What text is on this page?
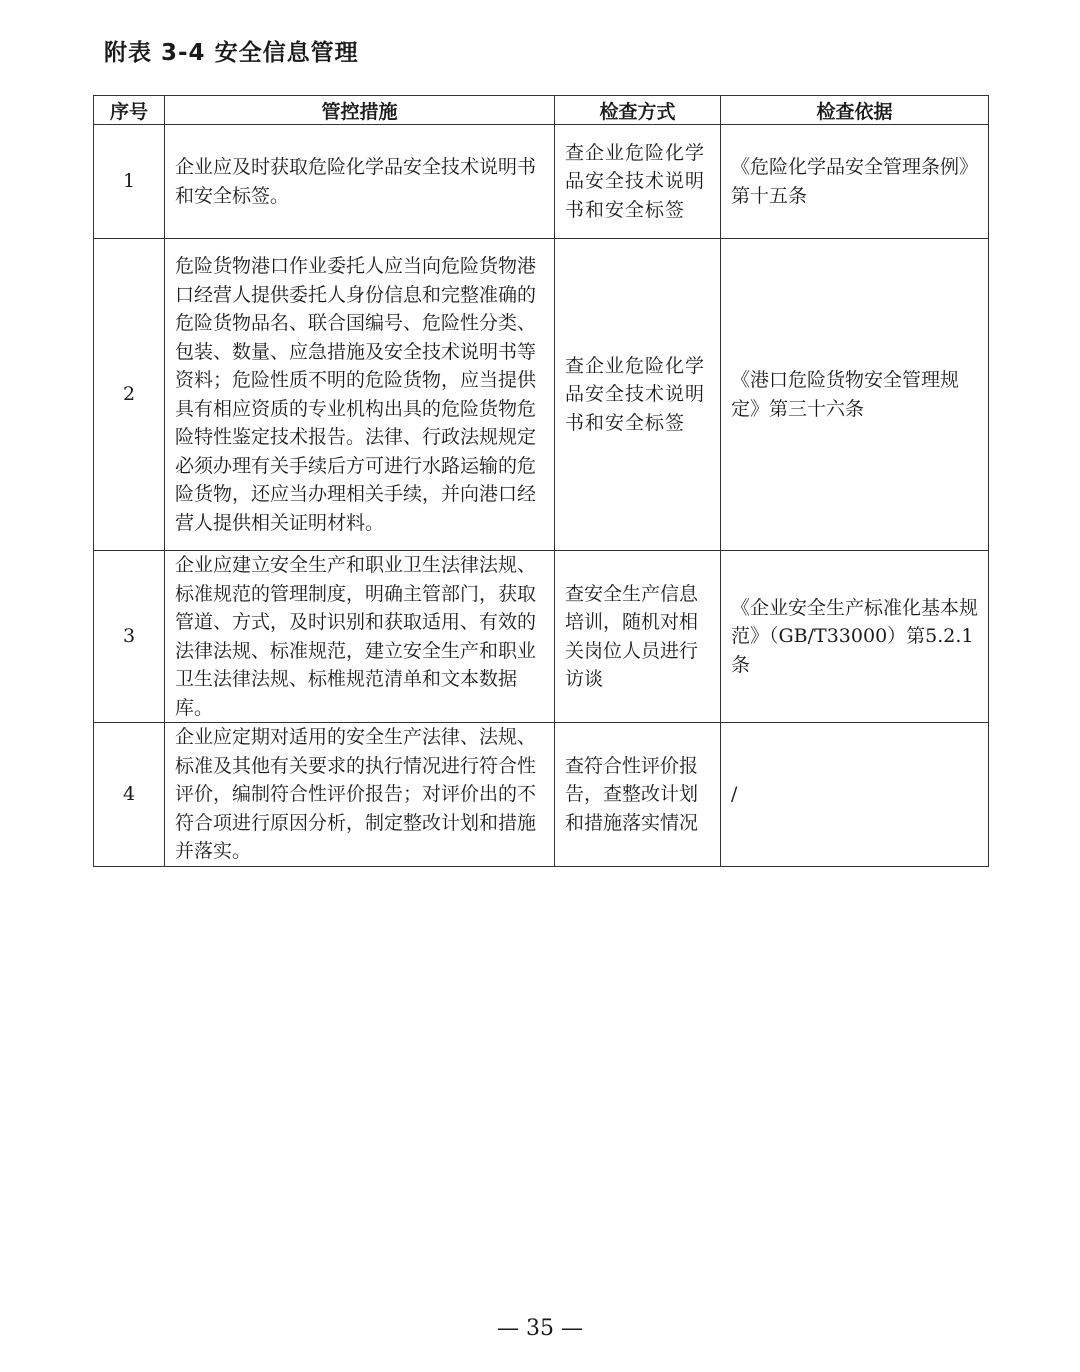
附表 3-4 安全信息管理
序号	管控措施	检查方式	检查依据
1	企业应及时获取危险化学品安全技术说明书和安全标签。	查企业危险化学品安全技术说明书和安全标签	《危险化学品安全管理条例》第十五条
2	危险货物港口作业委托人应当向危险货物港口经营人提供委托人身份信息和完整准确的危险货物品名、联合国编号、危险性分类、包装、数量、应急措施及安全技术说明书等资料；危险性质不明的危险货物，应当提供具有相应资质的专业机构出具的危险货物危险特性鉴定技术报告。法律、行政法规规定必须办理有关手续后方可进行水路运输的危险货物，还应当办理相关手续，并向港口经营人提供相关证明材料。	查企业危险化学品安全技术说明书和安全标签	《港口危险货物安全管理规定》第三十六条
3	企业应建立安全生产和职业卫生法律法规、标准规范的管理制度，明确主管部门，获取管道、方式，及时识别和获取适用、有效的法律法规、标准规范，建立安全生产和职业卫生法律法规、标椎规范清单和文本数据库。	查安全生产信息培训，随机对相关岗位人员进行访谈	《企业安全生产标准化基本规范》（GB/T33000）第5.2.1条
4	企业应定期对适用的安全生产法律、法规、标准及其他有关要求的执行情况进行符合性评价，编制符合性评价报告；对评价出的不符合项进行原因分析，制定整改计划和措施并落实。	查符合性评价报告，查整改计划和措施落实情况	/
— 35 —
